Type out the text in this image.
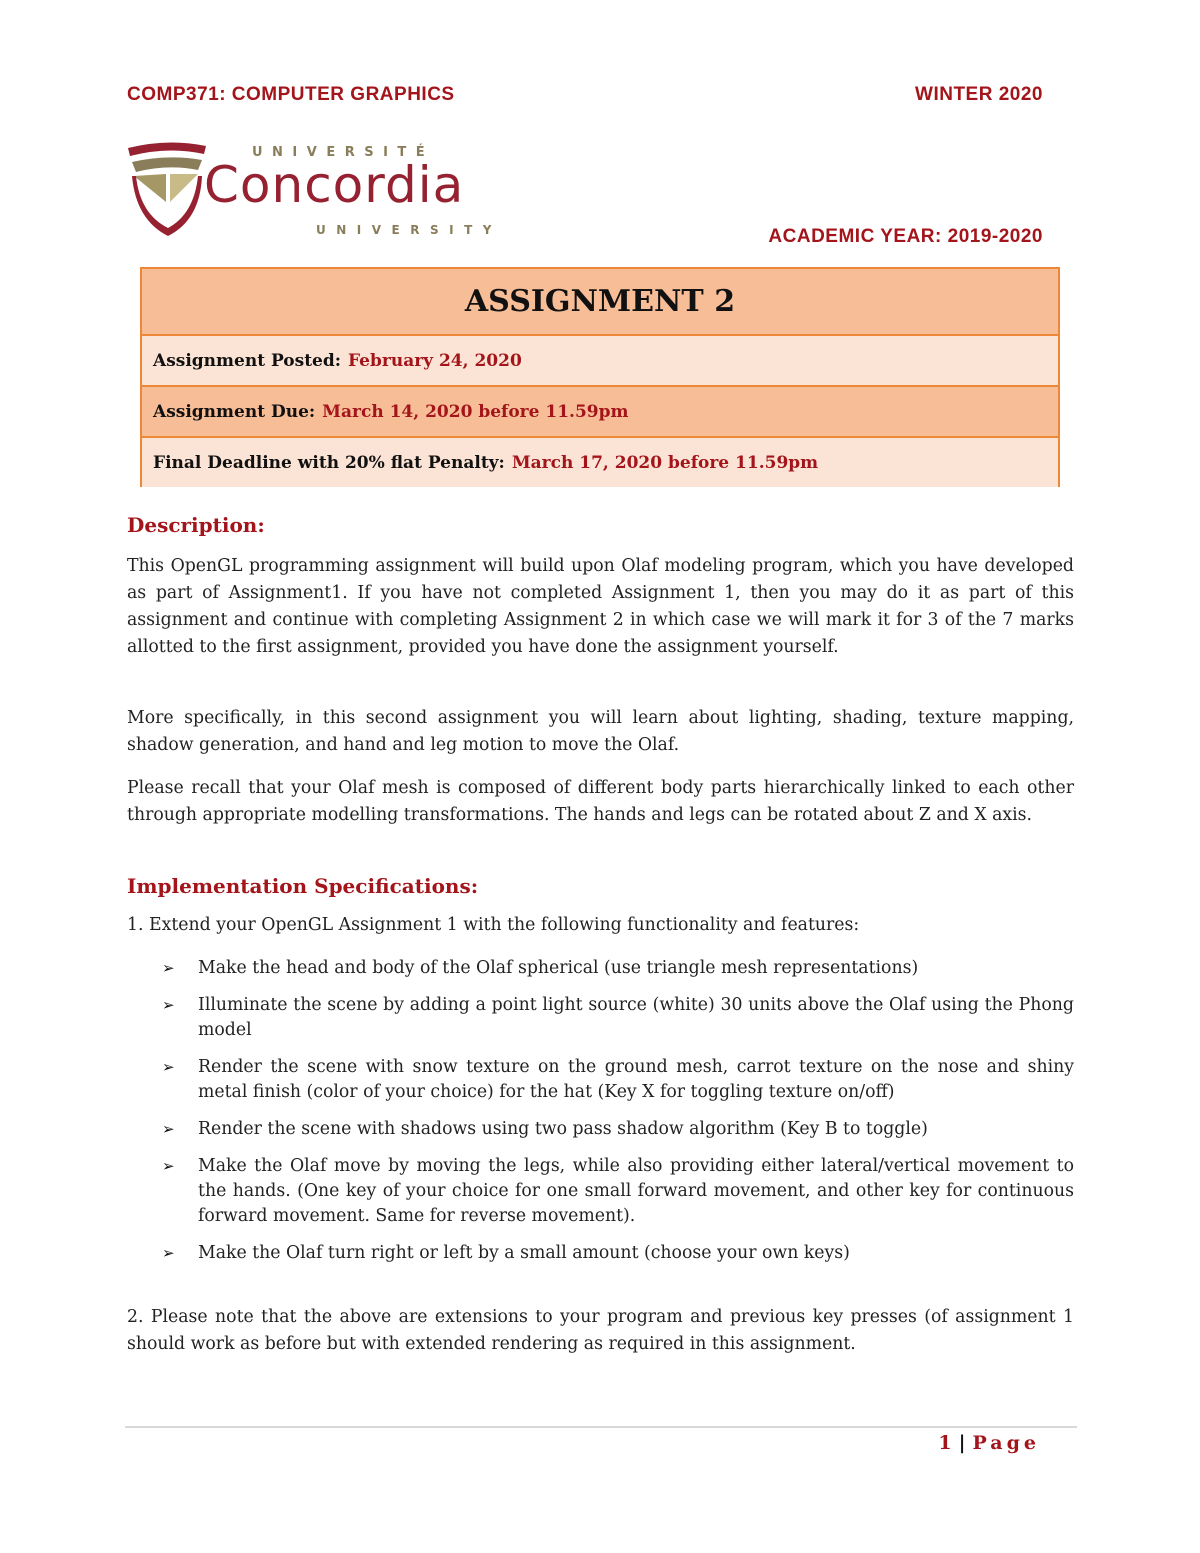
COMP371: COMPUTER GRAPHICS	WINTER 2020
UNIVERSITÉ
Concordia
UNIVERSITY	ACADEMIC YEAR: 2019-2020
ASSIGNMENT 2
Assignment Posted: February 24, 2020
Assignment Due: March 14, 2020 before 11.59pm
Final Deadline with 20% flat Penalty: March 17, 2020 before 11.59pm
Description:

This OpenGL programming assignment will build upon Olaf modeling program, which you have developed as part of Assignment1. If you have not completed Assignment 1, then you may do it as part of this assignment and continue with completing Assignment 2 in which case we will mark it for 3 of the 7 marks allotted to the first assignment, provided you have done the assignment yourself.

More specifically, in this second assignment you will learn about lighting, shading, texture mapping, shadow generation, and hand and leg motion to move the Olaf.

Please recall that your Olaf mesh is composed of different body parts hierarchically linked to each other through appropriate modelling transformations. The hands and legs can be rotated about Z and X axis.

Implementation Specifications:

1. Extend your OpenGL Assignment 1 with the following functionality and features:

➢	Make the head and body of the Olaf spherical (use triangle mesh representations)
➢	Illuminate the scene by adding a point light source (white) 30 units above the Olaf using the Phong model
➢	Render the scene with snow texture on the ground mesh, carrot texture on the nose and shiny metal finish (color of your choice) for the hat (Key X for toggling texture on/off)
➢	Render the scene with shadows using two pass shadow algorithm (Key B to toggle)
➢	Make the Olaf move by moving the legs, while also providing either lateral/vertical movement to the hands. (One key of your choice for one small forward movement, and other key for continuous forward movement. Same for reverse movement).
➢	Make the Olaf turn right or left by a small amount (choose your own keys)

2. Please note that the above are extensions to your program and previous key presses (of assignment 1 should work as before but with extended rendering as required in this assignment.

1 | Page
